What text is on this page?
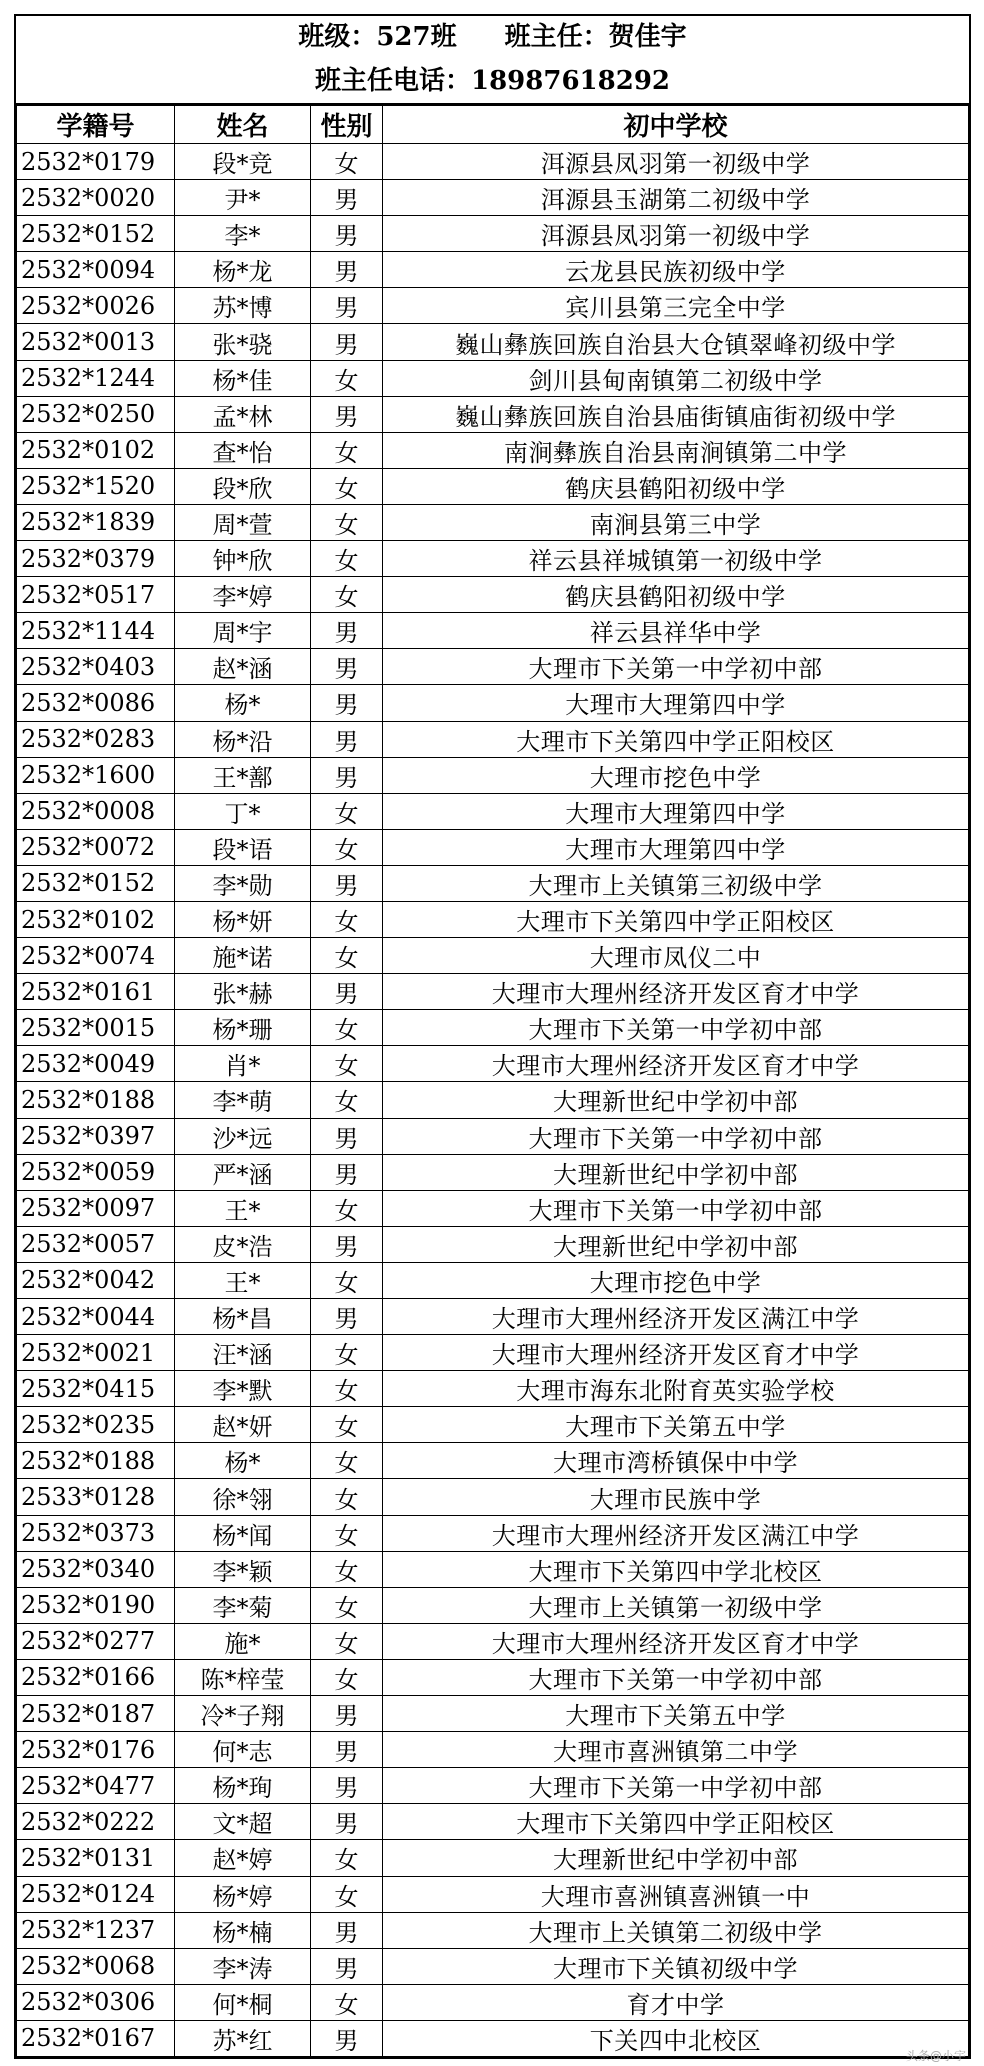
班级：527班 班主任：贺佳宇
班主任电话：18987618292
学籍号	姓名	性别	初中学校
2532*0179	段*竞	女	洱源县凤羽第一初级中学
2532*0020	尹*	男	洱源县玉湖第二初级中学
2532*0152	李*	男	洱源县凤羽第一初级中学
2532*0094	杨*龙	男	云龙县民族初级中学
2532*0026	苏*博	男	宾川县第三完全中学
2532*0013	张*骁	男	巍山彝族回族自治县大仓镇翠峰初级中学
2532*1244	杨*佳	女	剑川县甸南镇第二初级中学
2532*0250	孟*林	男	巍山彝族回族自治县庙街镇庙街初级中学
2532*0102	查*怡	女	南涧彝族自治县南涧镇第二中学
2532*1520	段*欣	女	鹤庆县鹤阳初级中学
2532*1839	周*萱	女	南涧县第三中学
2532*0379	钟*欣	女	祥云县祥城镇第一初级中学
2532*0517	李*婷	女	鹤庆县鹤阳初级中学
2532*1144	周*宇	男	祥云县祥华中学
2532*0403	赵*涵	男	大理市下关第一中学初中部
2532*0086	杨*	男	大理市大理第四中学
2532*0283	杨*沿	男	大理市下关第四中学正阳校区
2532*1600	王*鄯	男	大理市挖色中学
2532*0008	丁*	女	大理市大理第四中学
2532*0072	段*语	女	大理市大理第四中学
2532*0152	李*勋	男	大理市上关镇第三初级中学
2532*0102	杨*妍	女	大理市下关第四中学正阳校区
2532*0074	施*诺	女	大理市凤仪二中
2532*0161	张*赫	男	大理市大理州经济开发区育才中学
2532*0015	杨*珊	女	大理市下关第一中学初中部
2532*0049	肖*	女	大理市大理州经济开发区育才中学
2532*0188	李*萌	女	大理新世纪中学初中部
2532*0397	沙*远	男	大理市下关第一中学初中部
2532*0059	严*涵	男	大理新世纪中学初中部
2532*0097	王*	女	大理市下关第一中学初中部
2532*0057	皮*浩	男	大理新世纪中学初中部
2532*0042	王*	女	大理市挖色中学
2532*0044	杨*昌	男	大理市大理州经济开发区满江中学
2532*0021	汪*涵	女	大理市大理州经济开发区育才中学
2532*0415	李*默	女	大理市海东北附育英实验学校
2532*0235	赵*妍	女	大理市下关第五中学
2532*0188	杨*	女	大理市湾桥镇保中中学
2533*0128	徐*翎	女	大理市民族中学
2532*0373	杨*闻	女	大理市大理州经济开发区满江中学
2532*0340	李*颖	女	大理市下关第四中学北校区
2532*0190	李*菊	女	大理市上关镇第一初级中学
2532*0277	施*	女	大理市大理州经济开发区育才中学
2532*0166	陈*梓莹	女	大理市下关第一中学初中部
2532*0187	冷*子翔	男	大理市下关第五中学
2532*0176	何*志	男	大理市喜洲镇第二中学
2532*0477	杨*珣	男	大理市下关第一中学初中部
2532*0222	文*超	男	大理市下关第四中学正阳校区
2532*0131	赵*婷	女	大理新世纪中学初中部
2532*0124	杨*婷	女	大理市喜洲镇喜洲镇一中
2532*1237	杨*楠	男	大理市上关镇第二初级中学
2532*0068	李*涛	男	大理市下关镇初级中学
2532*0306	何*桐	女	育才中学
2532*0167	苏*红	男	下关四中北校区
头条@小宇
